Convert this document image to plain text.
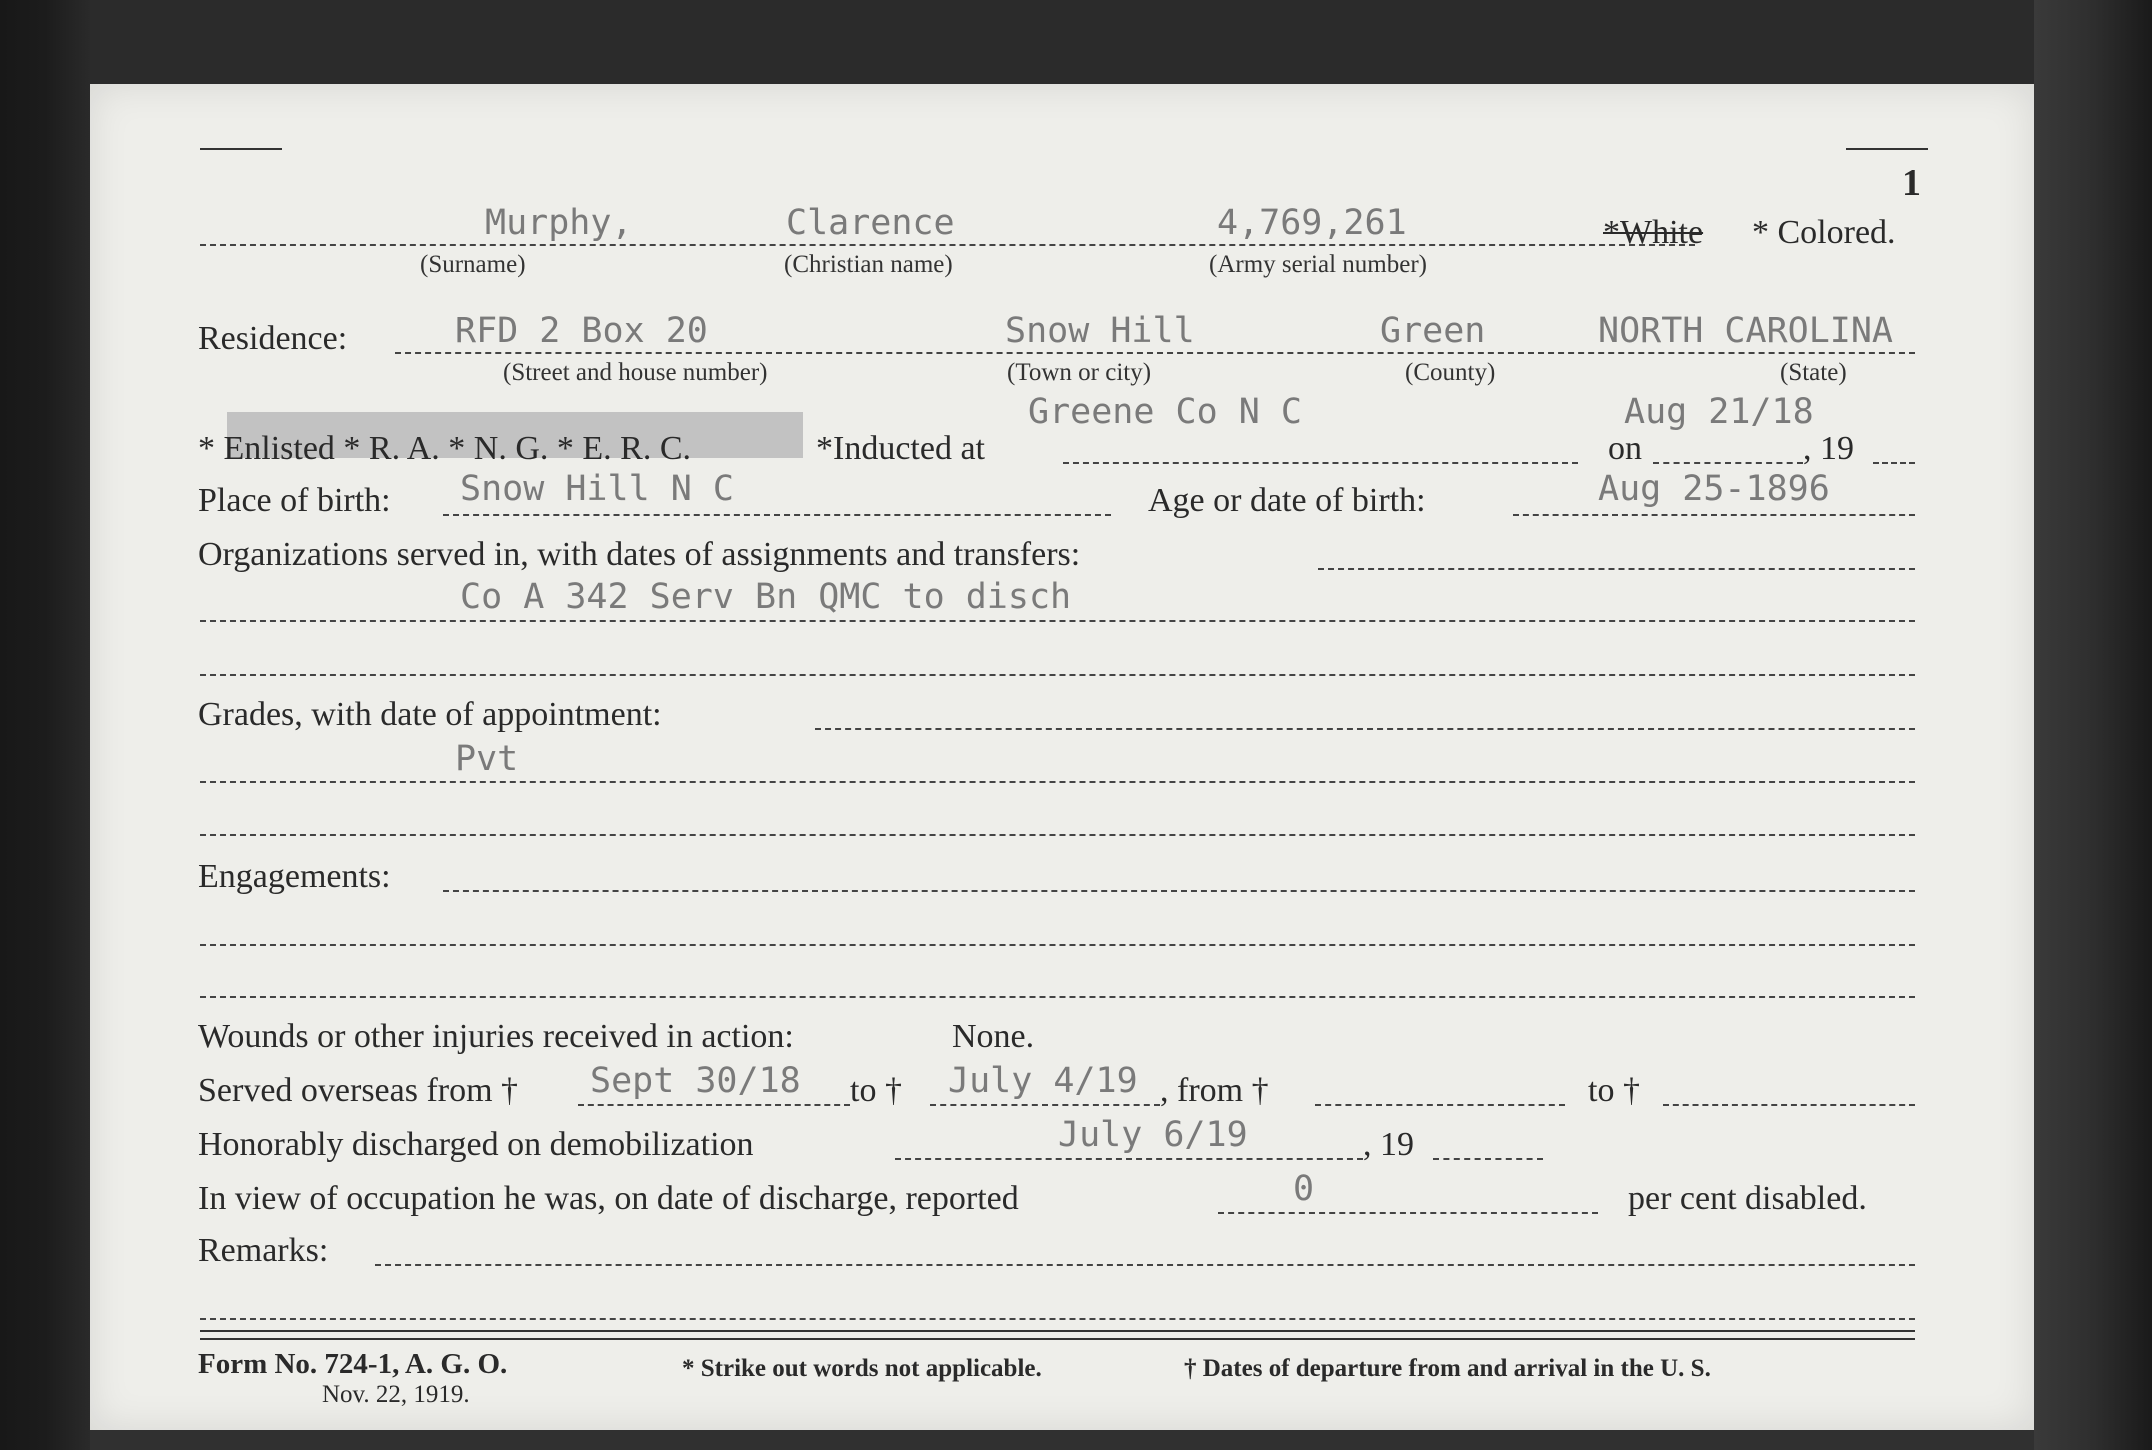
1
Murphy,	Clarence	4,769,261
(Surname)	(Christian name)	(Army serial number)
*White * Colored.
Residence:	RFD 2 Box 20	Snow Hill	Green	NORTH CAROLINA
(Street and house number)	(Town or city)	(County)	(State)
* Enlisted * R. A. * N. G. * E. R. C.	*Inducted at
Greene Co N C
on
Aug 21/18
, 19
Place of birth: Snow Hill N C	Age or date of birth:	Aug 25-1896
Organizations served in, with dates of assignments and transfers:
Co A 342 Serv Bn QMC to disch
Grades, with date of appointment:
Pvt
Engagements:
Wounds or other injuries received in action:	None.
Served overseas from † Sept 30/18 to † July 4/19 , from †	to †
Honorably discharged on demobilization	July 6/19	, 19
In view of occupation he was, on date of discharge, reported	0	per cent disabled.
Remarks:
Form No. 724-1, A. G. O.
Nov. 22, 1919.
* Strike out words not applicable.	† Dates of departure from and arrival in the U. S.
